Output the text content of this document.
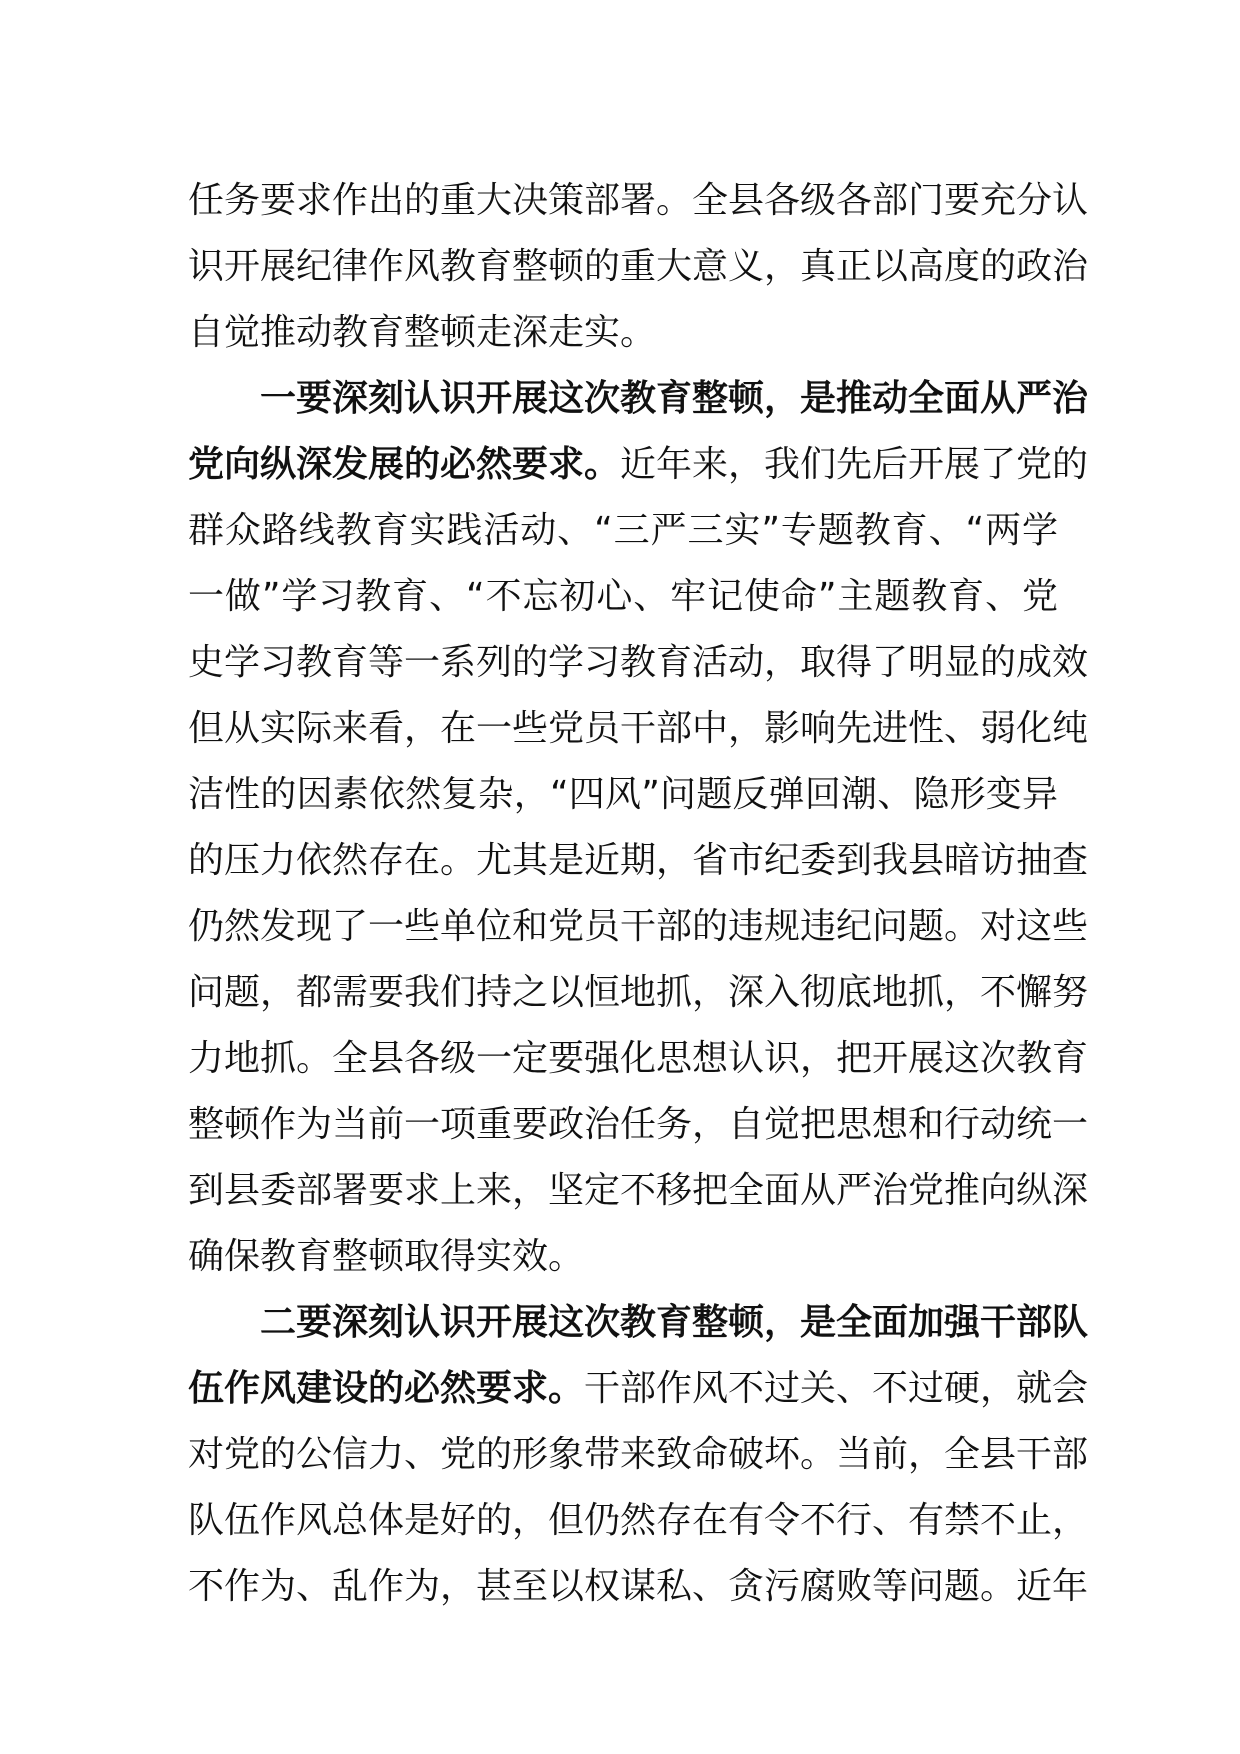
任务要求作出的重大决策部署。全县各级各部门要充分认
识开展纪律作风教育整顿的重大意义，真正以高度的政治
自觉推动教育整顿走深走实。
一要深刻认识开展这次教育整顿，是推动全面从严治
党向纵深发展的必然要求。近年来，我们先后开展了党的
群众路线教育实践活动、“三严三实”专题教育、“两学
一做”学习教育、“不忘初心、牢记使命”主题教育、党
史学习教育等一系列的学习教育活动，取得了明显的成效
但从实际来看，在一些党员干部中，影响先进性、弱化纯
洁性的因素依然复杂，“四风”问题反弹回潮、隐形变异
的压力依然存在。尤其是近期，省市纪委到我县暗访抽查
仍然发现了一些单位和党员干部的违规违纪问题。对这些
问题，都需要我们持之以恒地抓，深入彻底地抓，不懈努
力地抓。全县各级一定要强化思想认识，把开展这次教育
整顿作为当前一项重要政治任务，自觉把思想和行动统一
到县委部署要求上来，坚定不移把全面从严治党推向纵深
确保教育整顿取得实效。
二要深刻认识开展这次教育整顿，是全面加强干部队
伍作风建设的必然要求。干部作风不过关、不过硬，就会
对党的公信力、党的形象带来致命破坏。当前，全县干部
队伍作风总体是好的，但仍然存在有令不行、有禁不止，
不作为、乱作为，甚至以权谋私、贪污腐败等问题。近年
